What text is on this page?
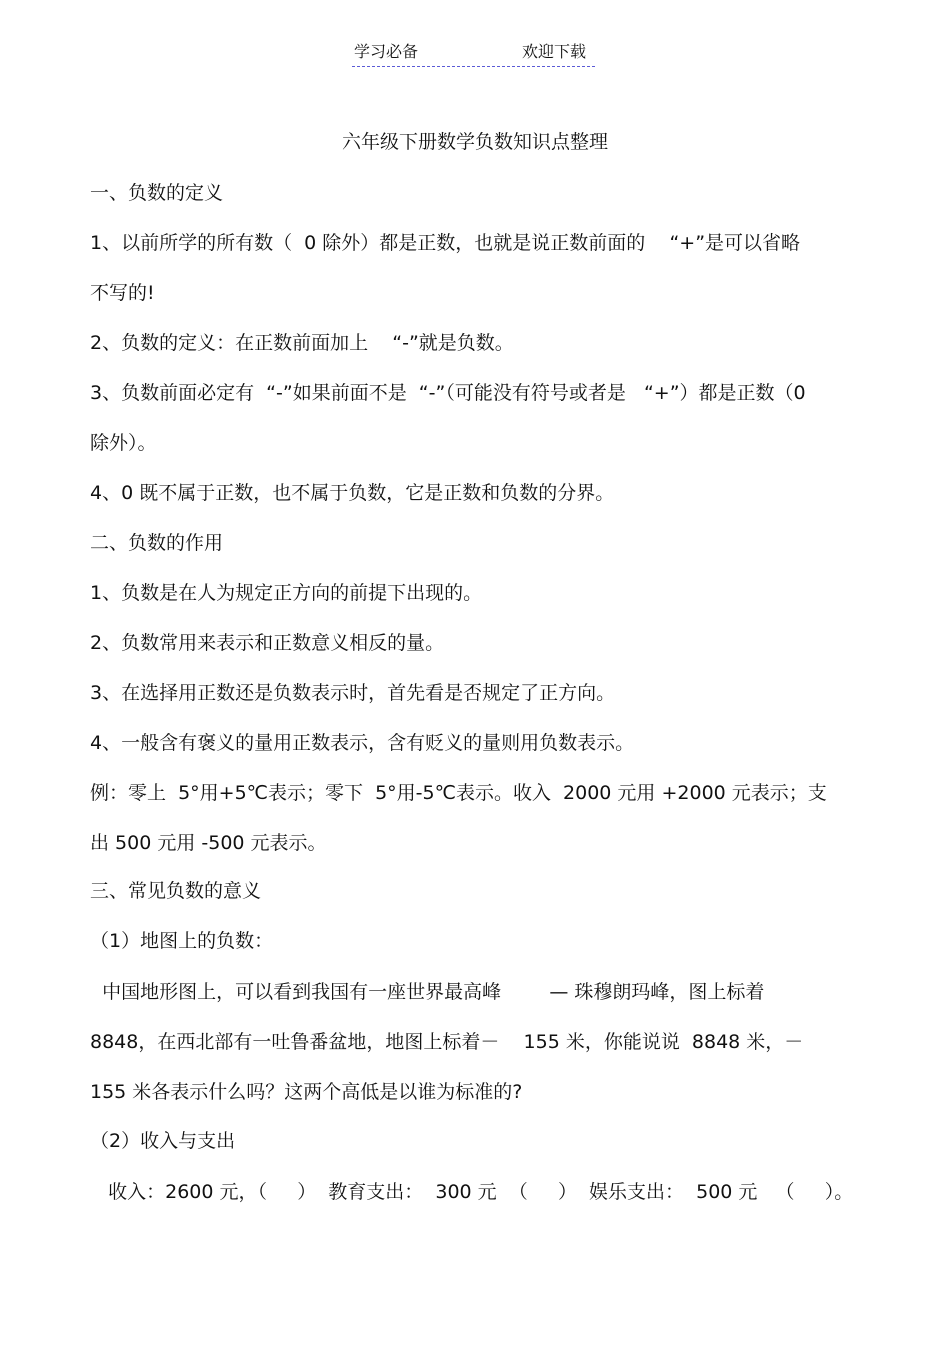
学习必备	欢迎下载
六年级下册数学负数知识点整理
一、负数的定义
1、以前所学的所有数（  0 除外）都是正数，也就是说正数前面的    “+”是可以省略
不写的!
2、负数的定义：在正数前面加上    “-”就是负数。
3、负数前面必定有  “-”如果前面不是  “-”（可能没有符号或者是   “+”）都是正数（0
除外）。
4、0 既不属于正数，也不属于负数，它是正数和负数的分界。
二、负数的作用
1、负数是在人为规定正方向的前提下出现的。
2、负数常用来表示和正数意义相反的量。
3、在选择用正数还是负数表示时，首先看是否规定了正方向。
4、一般含有褒义的量用正数表示，含有贬义的量则用负数表示。
例：零上  5°用+5℃表示；零下  5°用-5℃表示。收入  2000 元用 +2000 元表示；支
出 500 元用 -500 元表示。
三、常见负数的意义
（1）地图上的负数：
中国地形图上，可以看到我国有一座世界最高峰        — 珠穆朗玛峰，图上标着
8848，在西北部有一吐鲁番盆地，地图上标着－    155 米，你能说说  8848 米，－
155 米各表示什么吗？这两个高低是以谁为标准的?
（2）收入与支出
收入：2600 元，（     ）  教育支出：  300 元  （     ）  娱乐支出：  500 元   （     ）。
